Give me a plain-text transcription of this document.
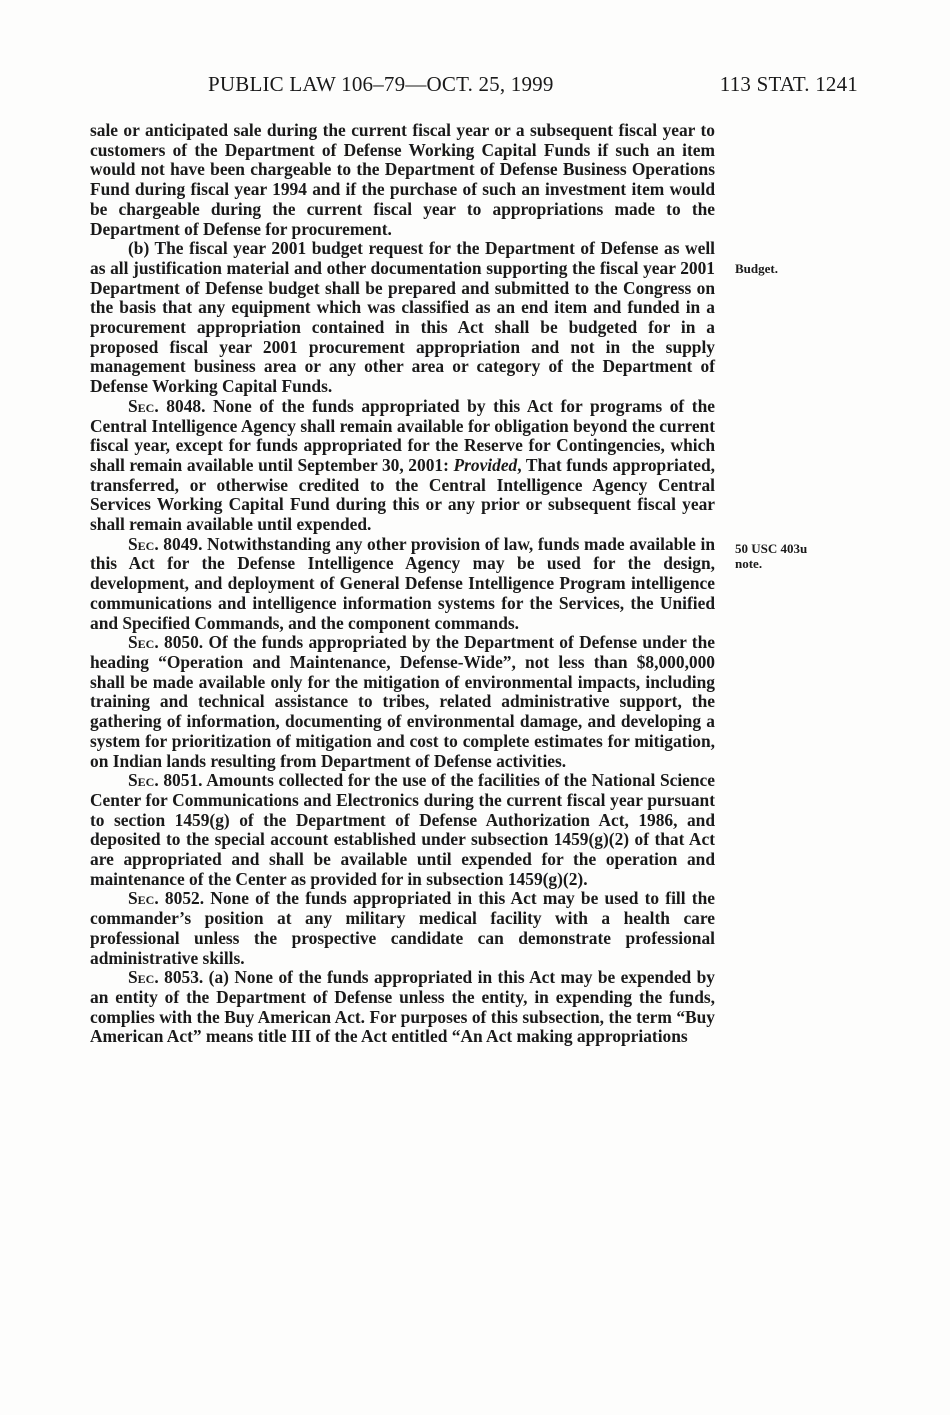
PUBLIC LAW 106–79—OCT. 25, 1999	113 STAT. 1241
Budget.
50 USC 403u
note.

sale or anticipated sale during the current fiscal year or a subsequent fiscal year to customers of the Department of Defense Working Capital Funds if such an item would not have been chargeable to the Department of Defense Business Operations Fund during fiscal year 1994 and if the purchase of such an investment item would be chargeable during the current fiscal year to appropriations made to the Department of Defense for procurement.

(b) The fiscal year 2001 budget request for the Department of Defense as well as all justification material and other documentation supporting the fiscal year 2001 Department of Defense budget shall be prepared and submitted to the Congress on the basis that any equipment which was classified as an end item and funded in a procurement appropriation contained in this Act shall be budgeted for in a proposed fiscal year 2001 procurement appropriation and not in the supply management business area or any other area or category of the Department of Defense Working Capital Funds.

Sec. 8048. None of the funds appropriated by this Act for programs of the Central Intelligence Agency shall remain available for obligation beyond the current fiscal year, except for funds appropriated for the Reserve for Contingencies, which shall remain available until September 30, 2001: Provided, That funds appropriated, transferred, or otherwise credited to the Central Intelligence Agency Central Services Working Capital Fund during this or any prior or subsequent fiscal year shall remain available until expended.

Sec. 8049. Notwithstanding any other provision of law, funds made available in this Act for the Defense Intelligence Agency may be used for the design, development, and deployment of General Defense Intelligence Program intelligence communications and intelligence information systems for the Services, the Unified and Specified Commands, and the component commands.

Sec. 8050. Of the funds appropriated by the Department of Defense under the heading “Operation and Maintenance, Defense-Wide”, not less than $8,000,000 shall be made available only for the mitigation of environmental impacts, including training and technical assistance to tribes, related administrative support, the gathering of information, documenting of environmental damage, and developing a system for prioritization of mitigation and cost to complete estimates for mitigation, on Indian lands resulting from Department of Defense activities.

Sec. 8051. Amounts collected for the use of the facilities of the National Science Center for Communications and Electronics during the current fiscal year pursuant to section 1459(g) of the Department of Defense Authorization Act, 1986, and deposited to the special account established under subsection 1459(g)(2) of that Act are appropriated and shall be available until expended for the operation and maintenance of the Center as provided for in subsection 1459(g)(2).

Sec. 8052. None of the funds appropriated in this Act may be used to fill the commander’s position at any military medical facility with a health care professional unless the prospective candidate can demonstrate professional administrative skills.

Sec. 8053. (a) None of the funds appropriated in this Act may be expended by an entity of the Department of Defense unless the entity, in expending the funds, complies with the Buy American Act. For purposes of this subsection, the term “Buy American Act” means title III of the Act entitled “An Act making appropriations
